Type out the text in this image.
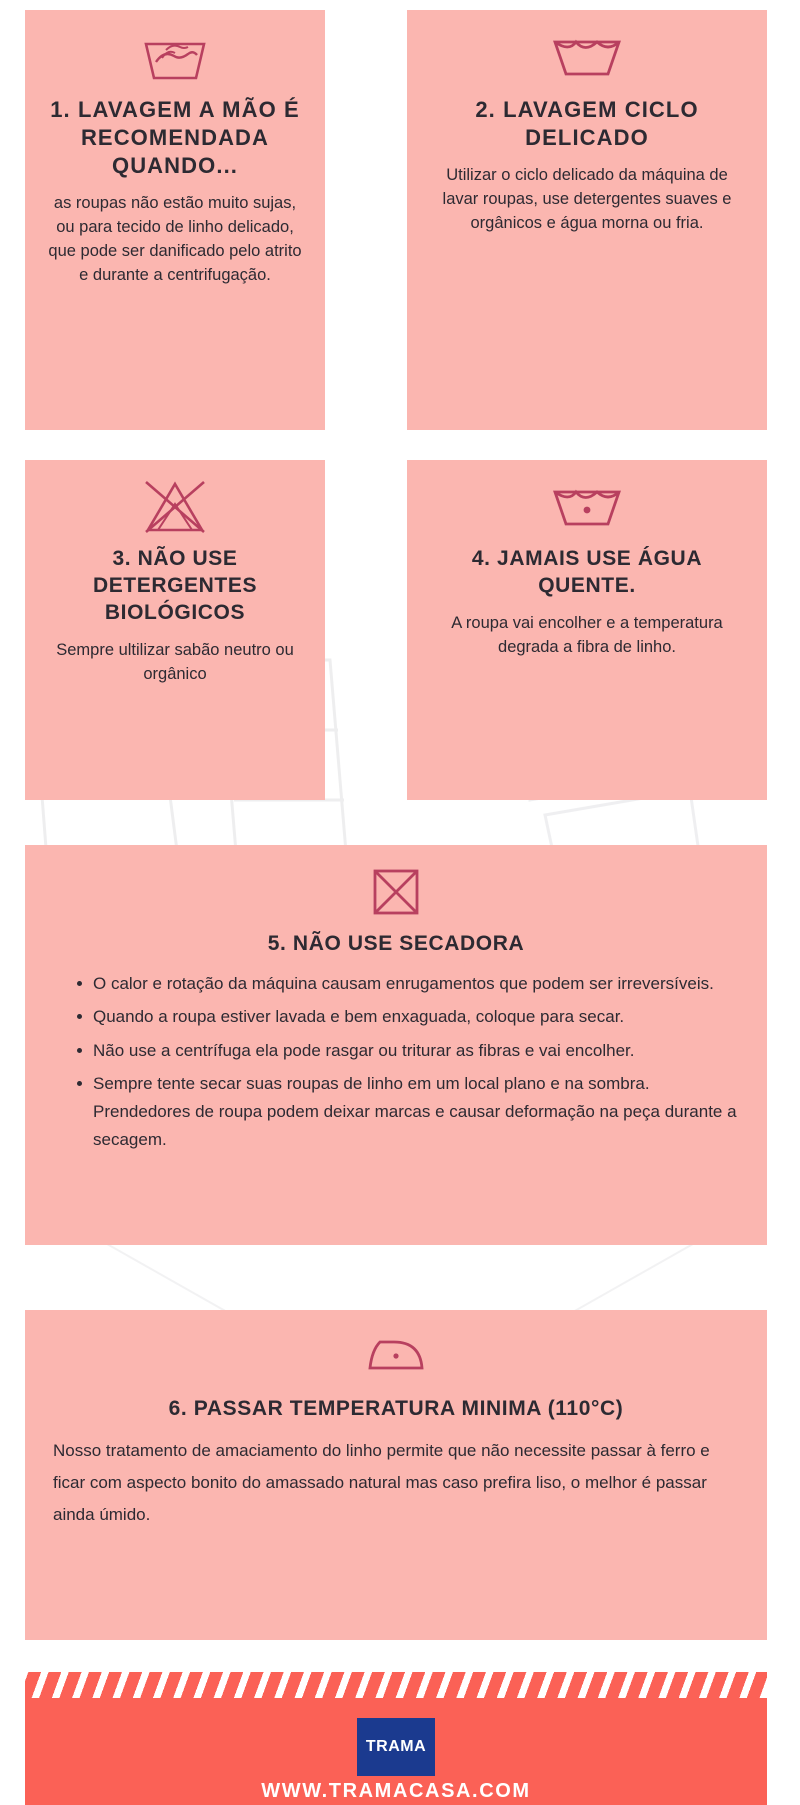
1. LAVAGEM A MÃO É RECOMENDADA QUANDO...

as roupas não estão muito sujas, ou para tecido de linho delicado, que pode ser danificado pelo atrito e durante a centrifugação.

2. LAVAGEM CICLO DELICADO

Utilizar o ciclo delicado da máquina de lavar roupas, use detergentes suaves e orgânicos e água morna ou fria.

3. NÃO USE DETERGENTES BIOLÓGICOS

Sempre ultilizar sabão neutro ou orgânico

4. JAMAIS USE ÁGUA QUENTE.

A roupa vai encolher e a temperatura degrada a fibra de linho.

5. NÃO USE SECADORA
O calor e rotação da máquina causam enrugamentos que podem ser irreversíveis.
Quando a roupa estiver lavada e bem enxaguada, coloque para secar.
Não use a centrífuga ela pode rasgar ou triturar as fibras e vai encolher.
Sempre tente secar suas roupas de linho em um local plano e na sombra. Prendedores de roupa podem deixar marcas e causar deformação na peça durante a secagem.
6. PASSAR TEMPERATURA MINIMA (110°C)

Nosso tratamento de amaciamento do linho permite que não necessite passar à ferro e ficar com aspecto bonito do amassado natural mas caso prefira liso, o melhor é passar ainda úmido.

TRAMA
WWW.TRAMACASA.COM
